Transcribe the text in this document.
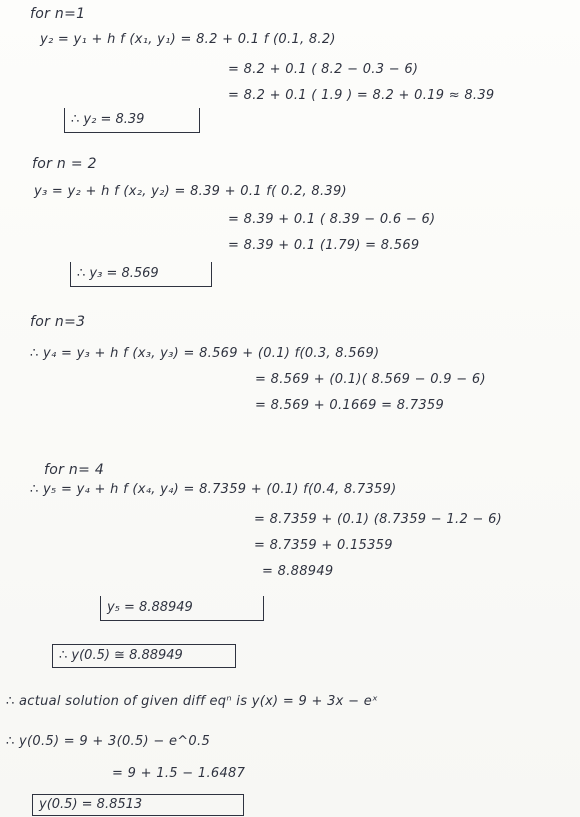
for n=1
y₂ = y₁ + h f (x₁, y₁) = 8.2 + 0.1 f (0.1, 8.2)
= 8.2 + 0.1 ( 8.2 − 0.3 − 6)
= 8.2 + 0.1 ( 1.9 ) = 8.2 + 0.19 ≈ 8.39
∴ y₂ = 8.39
for n = 2
y₃ = y₂ + h f (x₂, y₂) = 8.39 + 0.1 f( 0.2, 8.39)
= 8.39 + 0.1 ( 8.39 − 0.6 − 6)
= 8.39 + 0.1 (1.79) = 8.569
∴ y₃ = 8.569
for n=3
∴ y₄ = y₃ + h f (x₃, y₃) = 8.569 + (0.1) f(0.3, 8.569)
= 8.569 + (0.1)( 8.569 − 0.9 − 6)
= 8.569 + 0.1669 = 8.7359
for n= 4
∴ y₅ = y₄ + h f (x₄, y₄) = 8.7359 + (0.1) f(0.4, 8.7359)
= 8.7359 + (0.1) (8.7359 − 1.2 − 6)
= 8.7359 + 0.15359
= 8.88949
y₅ = 8.88949
∴ y(0.5) ≅ 8.88949
∴ actual solution of given diff eqⁿ is y(x) = 9 + 3x − eˣ
∴ y(0.5) = 9 + 3(0.5) − e^0.5
= 9 + 1.5 − 1.6487
y(0.5) = 8.8513
